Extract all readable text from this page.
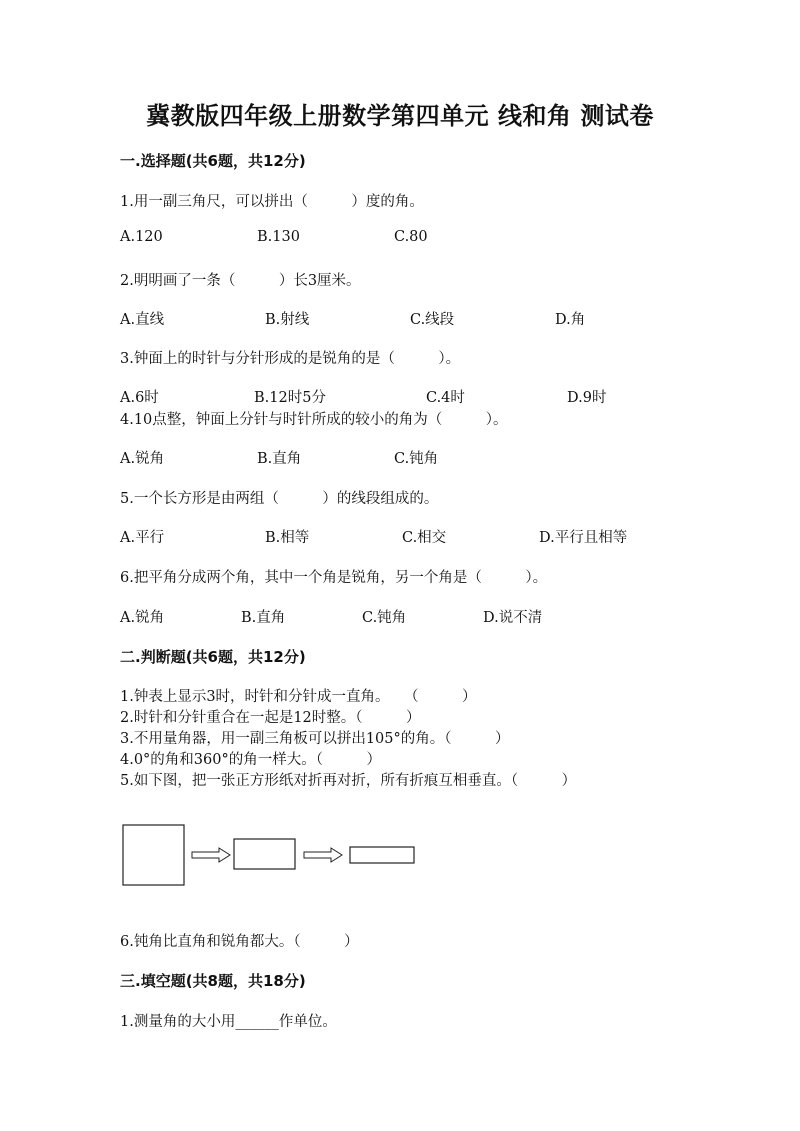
冀教版四年级上册数学第四单元 线和角 测试卷
一.选择题(共6题，共12分)
1.用一副三角尺，可以拼出（　　　）度的角。
A.120	B.130	C.80
2.明明画了一条（　　　）长3厘米。
A.直线	B.射线	C.线段	D.角
3.钟面上的时针与分针形成的是锐角的是（　　　）。
A.6时	B.12时5分	C.4时	D.9时
4.10点整，钟面上分针与时针所成的较小的角为（　　　）。
A.锐角	B.直角	C.钝角
5.一个长方形是由两组（　　　）的线段组成的。
A.平行	B.相等	C.相交	D.平行且相等
6.把平角分成两个角，其中一个角是锐角，另一个角是（　　　）。
A.锐角	B.直角	C.钝角	D.说不清
二.判断题(共6题，共12分)
1.钟表上显示3时，时针和分针成一直角。　　（　　　）
2.时针和分针重合在一起是12时整。（　　　）
3.不用量角器，用一副三角板可以拼出105°的角。（　　　）
4.0°的角和360°的角一样大。（　　　）
5.如下图，把一张正方形纸对折再对折，所有折痕互相垂直。（　　　）
6.钝角比直角和锐角都大。（　　　）
三.填空题(共8题，共18分)
1.测量角的大小用______作单位。
